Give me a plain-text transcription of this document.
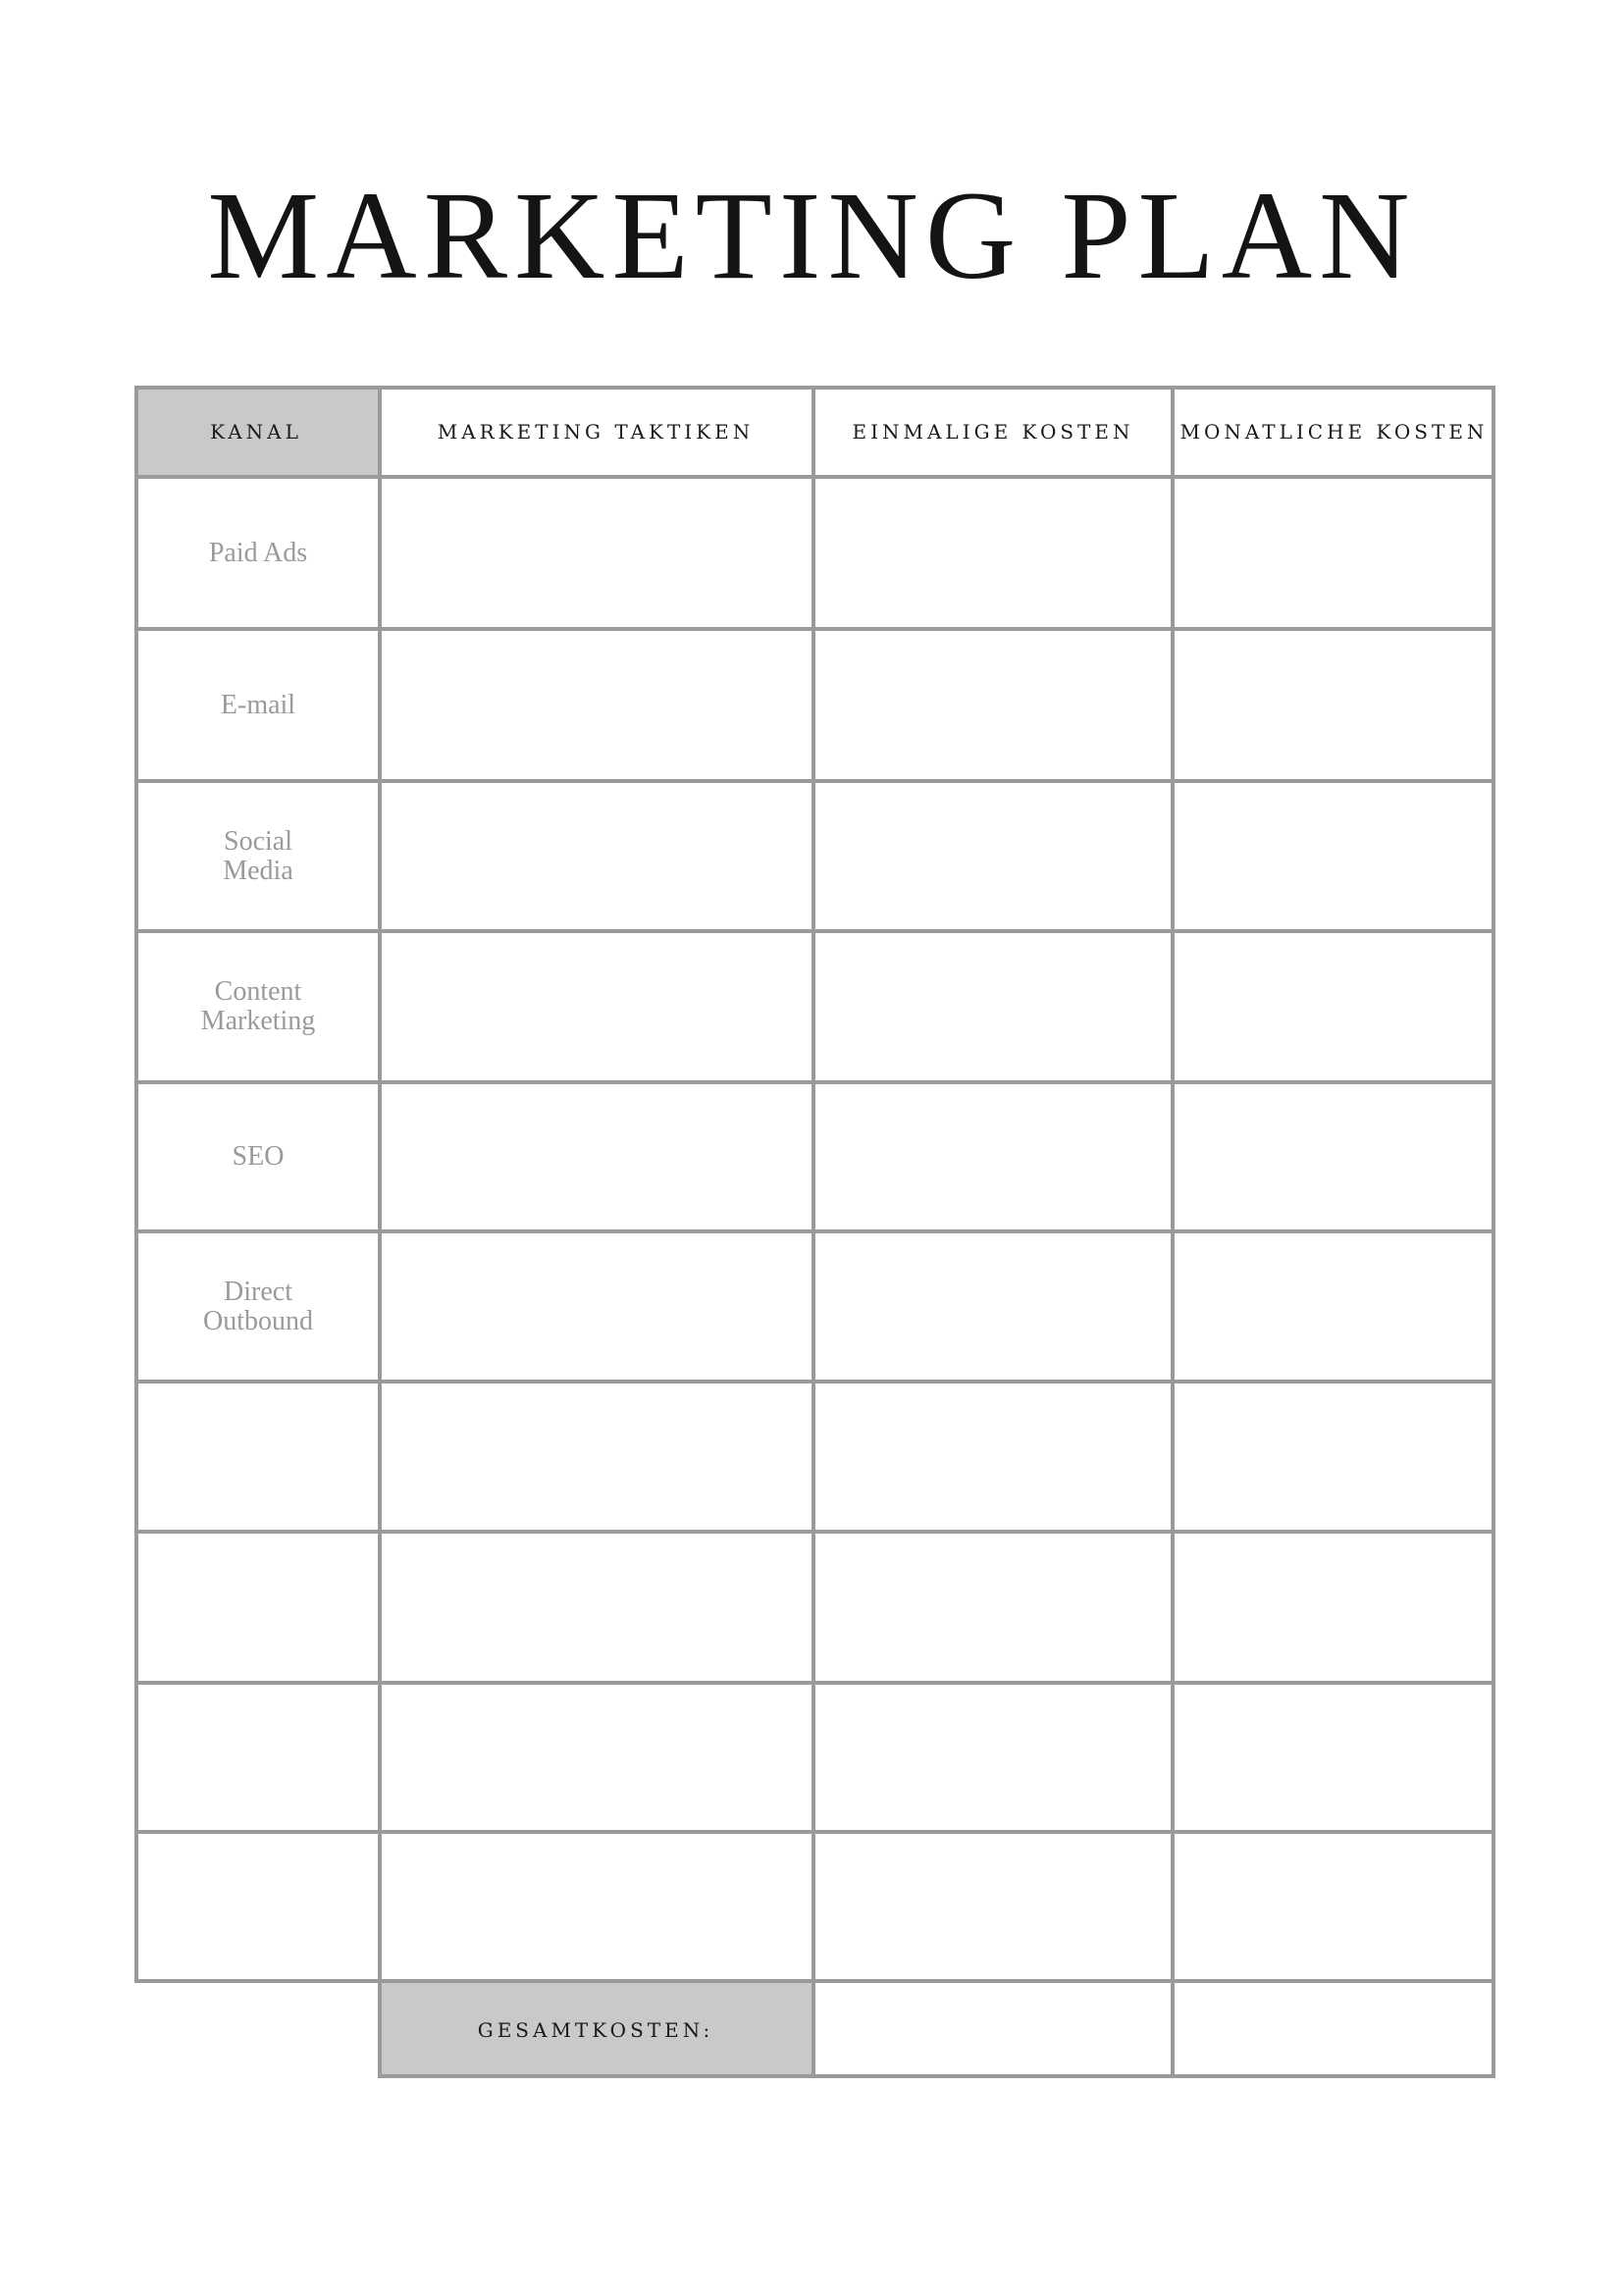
MARKETING PLAN
KANAL	MARKETING TAKTIKEN	EINMALIGE KOSTEN MONATLICHE KOSTEN
Paid Ads
E-mail
Social
Media
Content
Marketing
SEO
Direct
Outbound
GESAMTKOSTEN:
